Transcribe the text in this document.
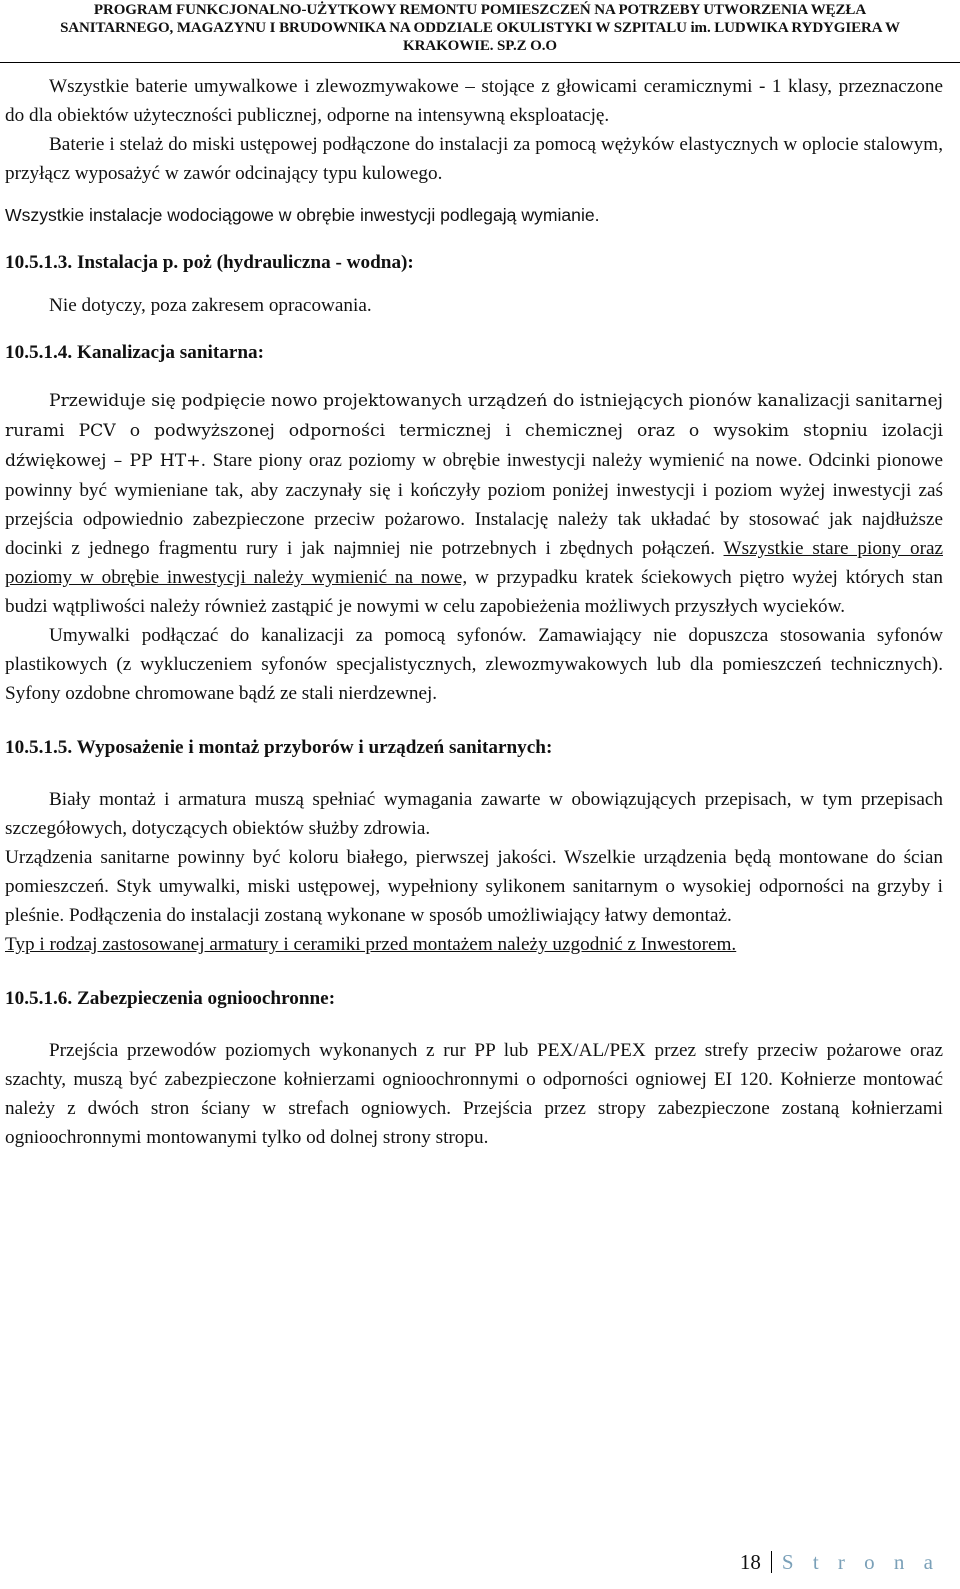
PROGRAM FUNKCJONALNO-UŻYTKOWY REMONTU POMIESZCZEŃ NA POTRZEBY UTWORZENIA WĘZŁA
SANITARNEGO, MAGAZYNU I BRUDOWNIKA NA ODDZIALE OKULISTYKI W SZPITALU im. LUDWIKA RYDYGIERA W
KRAKOWIE. SP.Z O.O

Wszystkie baterie umywalkowe i zlewozmywakowe – stojące z głowicami ceramicznymi - 1 klasy, przeznaczone do dla obiektów użyteczności publicznej, odporne na intensywną eksploatację.

Baterie i stelaż do miski ustępowej podłączone do instalacji za pomocą wężyków elastycznych w oplocie stalowym, przyłącz wyposażyć w zawór odcinający typu kulowego.

Wszystkie instalacje wodociągowe w obrębie inwestycji podlegają wymianie.

10.5.1.3. Instalacja p. poż (hydrauliczna - wodna):

Nie dotyczy, poza zakresem opracowania.

10.5.1.4. Kanalizacja sanitarna:

Przewiduje się podpięcie nowo projektowanych urządzeń do istniejących pionów kanalizacji sanitarnej rurami PCV o podwyższonej odporności termicznej i chemicznej oraz o wysokim stopniu izolacji dźwiękowej – PP HT+. Stare piony oraz poziomy w obrębie inwestycji należy wymienić na nowe. Odcinki pionowe powinny być wymieniane tak, aby zaczynały się i kończyły poziom poniżej inwestycji i poziom wyżej inwestycji zaś przejścia odpowiednio zabezpieczone przeciw pożarowo. Instalację należy tak układać by stosować jak najdłuższe docinki z jednego fragmentu rury i jak najmniej nie potrzebnych i zbędnych połączeń. Wszystkie stare piony oraz poziomy w obrębie inwestycji należy wymienić na nowe, w przypadku kratek ściekowych piętro wyżej których stan budzi wątpliwości należy również zastąpić je nowymi w celu zapobieżenia możliwych przyszłych wycieków.

Umywalki podłączać do kanalizacji za pomocą syfonów. Zamawiający nie dopuszcza stosowania syfonów plastikowych (z wykluczeniem syfonów specjalistycznych, zlewozmywakowych lub dla pomieszczeń technicznych). Syfony ozdobne chromowane bądź ze stali nierdzewnej.

10.5.1.5. Wyposażenie i montaż przyborów i urządzeń sanitarnych:

Biały montaż i armatura muszą spełniać wymagania zawarte w obowiązujących przepisach, w tym przepisach szczegółowych, dotyczących obiektów służby zdrowia.

Urządzenia sanitarne powinny być koloru białego, pierwszej jakości. Wszelkie urządzenia będą montowane do ścian pomieszczeń. Styk umywalki, miski ustępowej, wypełniony sylikonem sanitarnym o wysokiej odporności na grzyby i pleśnie. Podłączenia do instalacji zostaną wykonane w sposób umożliwiający łatwy demontaż.

Typ i rodzaj zastosowanej armatury i ceramiki przed montażem należy uzgodnić z Inwestorem.

10.5.1.6. Zabezpieczenia ognioochronne:

Przejścia przewodów poziomych wykonanych z rur PP lub PEX/AL/PEX przez strefy przeciw pożarowe oraz szachty, muszą być zabezpieczone kołnierzami ognioochronnymi o odporności ogniowej EI 120. Kołnierze montować należy z dwóch stron ściany w strefach ogniowych. Przejścia przez stropy zabezpieczone zostaną kołnierzami ognioochronnymi montowanymi tylko od dolnej strony stropu.

18 S t r o n a
